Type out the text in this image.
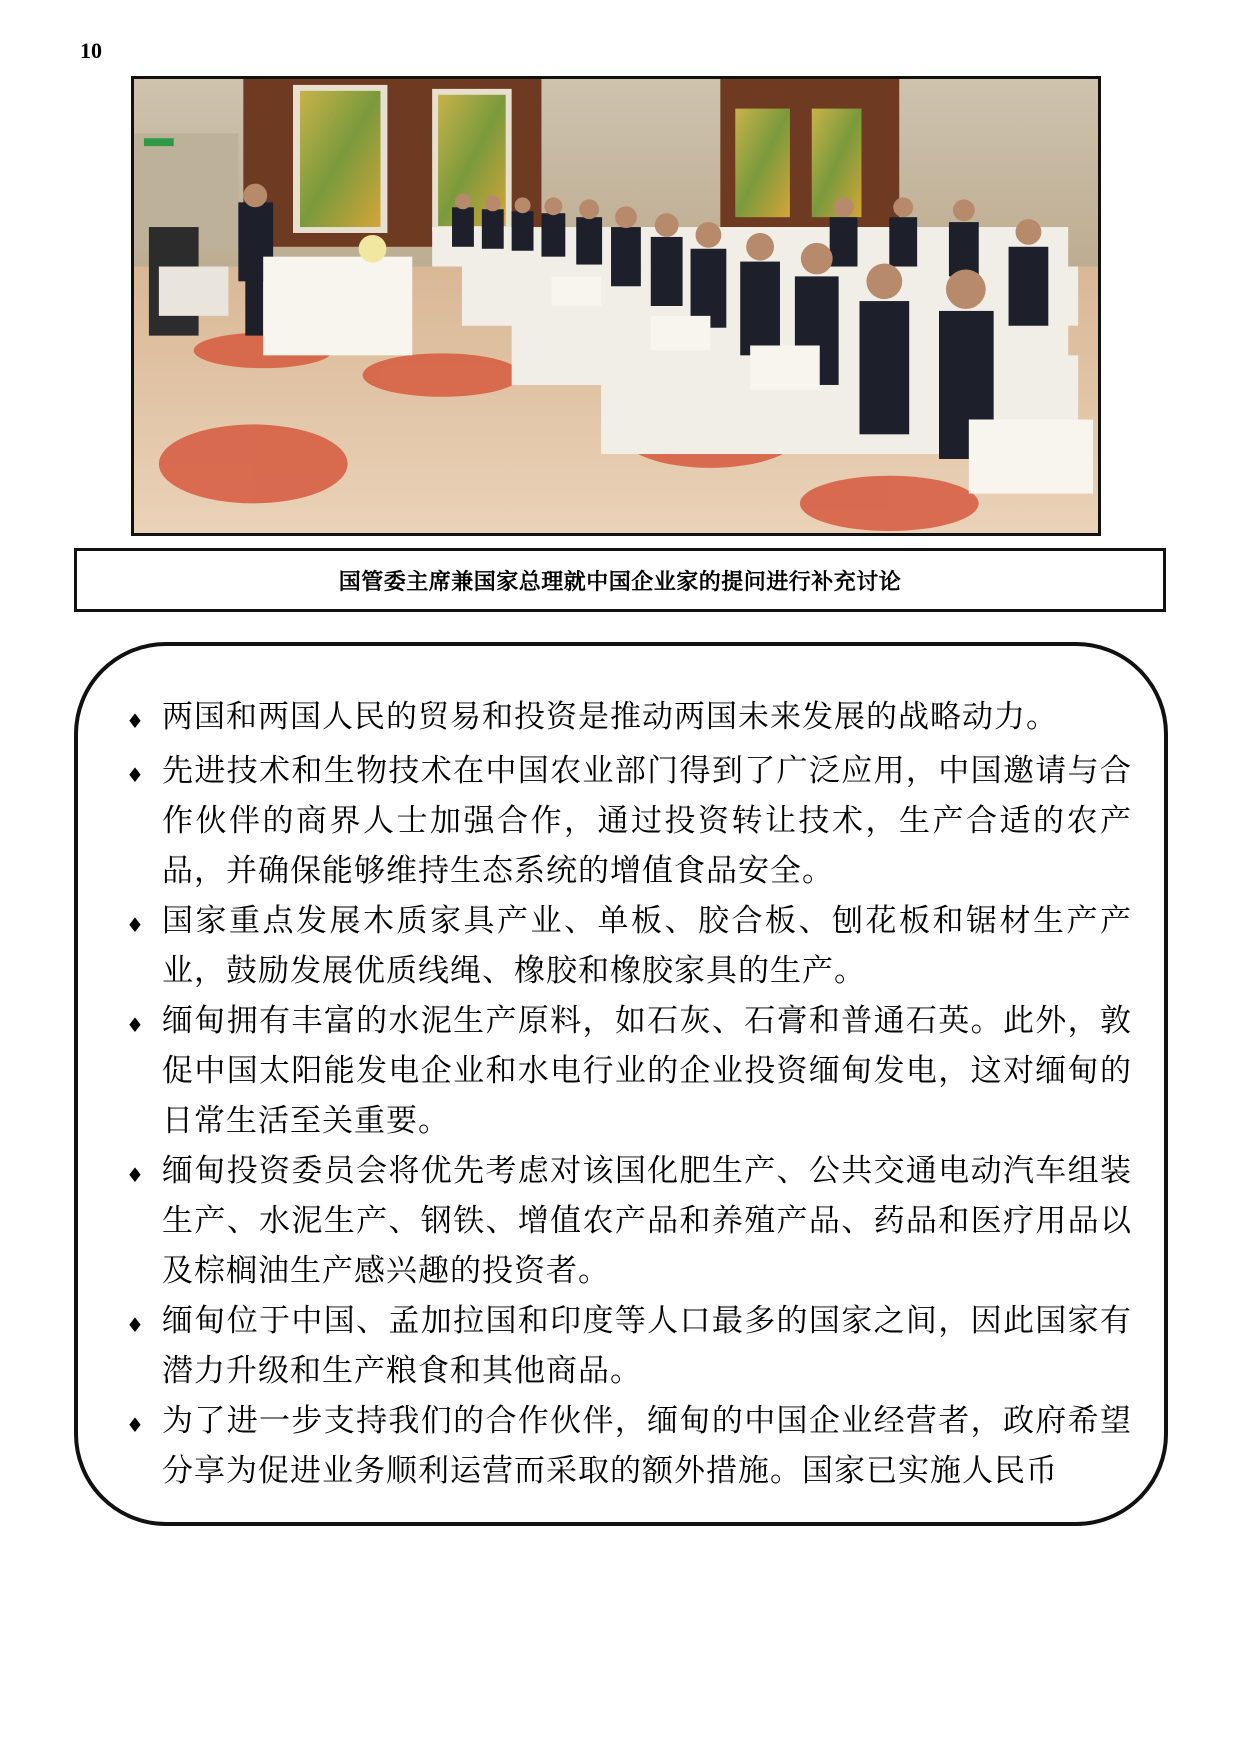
10
国管委主席兼国家总理就中国企业家的提问进行补充讨论
♦ 两国和两国人民的贸易和投资是推动两国未来发展的战略动力。
♦ 先进技术和生物技术在中国农业部门得到了广泛应用，中国邀请与合作伙伴的商界人士加强合作，通过投资转让技术，生产合适的农产品，并确保能够维持生态系统的增值食品安全。
♦ 国家重点发展木质家具产业、单板、胶合板、刨花板和锯材生产产业，鼓励发展优质线绳、橡胶和橡胶家具的生产。
♦ 缅甸拥有丰富的水泥生产原料，如石灰、石膏和普通石英。此外，敦促中国太阳能发电企业和水电行业的企业投资缅甸发电，这对缅甸的日常生活至关重要。
♦ 缅甸投资委员会将优先考虑对该国化肥生产、公共交通电动汽车组装生产、水泥生产、钢铁、增值农产品和养殖产品、药品和医疗用品以及棕榈油生产感兴趣的投资者。
♦ 缅甸位于中国、孟加拉国和印度等人口最多的国家之间，因此国家有潜力升级和生产粮食和其他商品。
♦ 为了进一步支持我们的合作伙伴，缅甸的中国企业经营者，政府希望分享为促进业务顺利运营而采取的额外措施。国家已实施人民币
